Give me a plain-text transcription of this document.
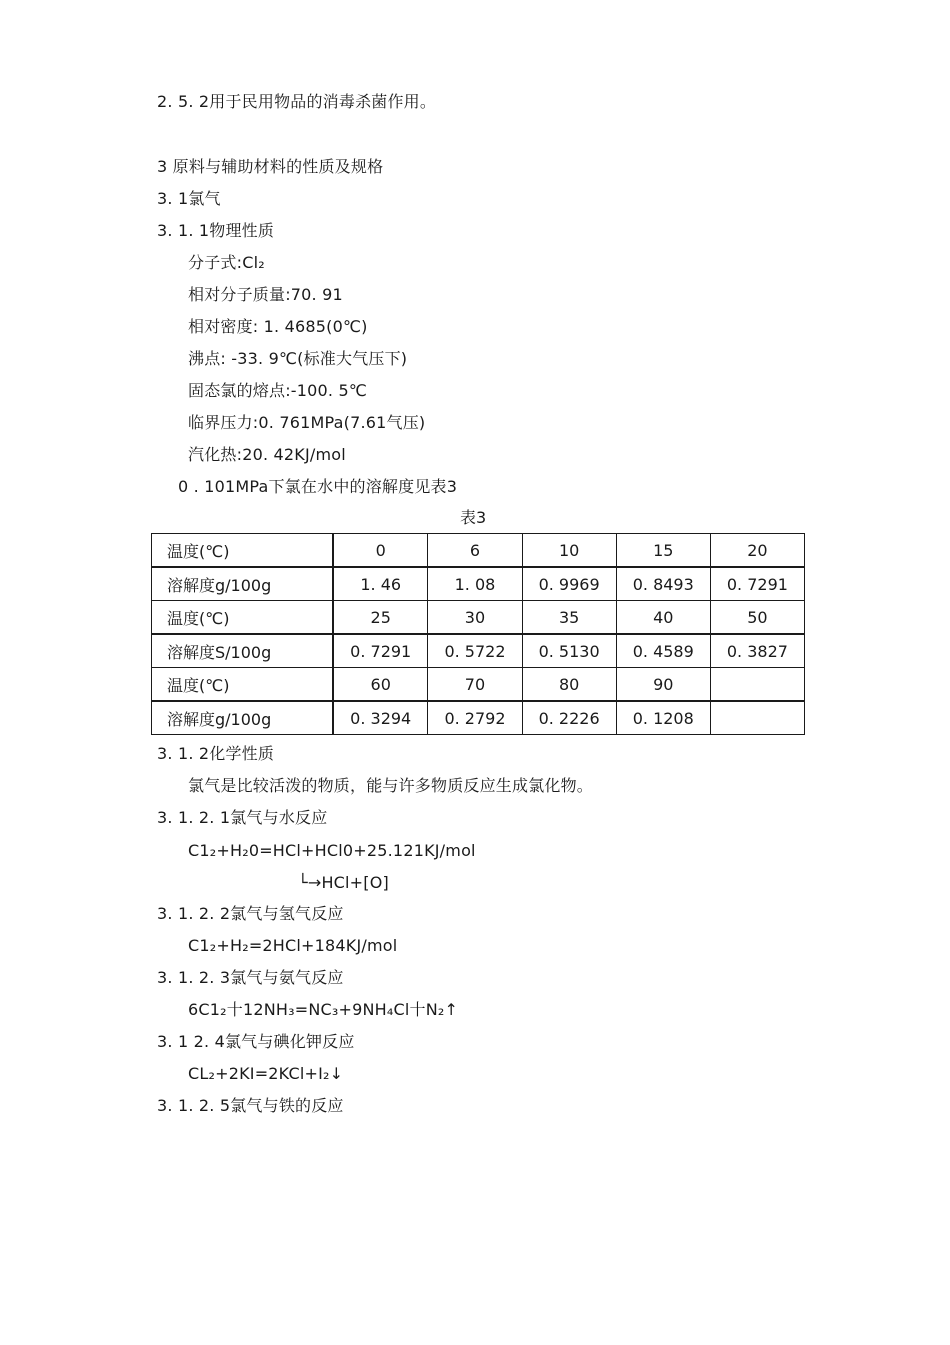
2. 5. 2用于民用物品的消毒杀菌作用。
3 原料与辅助材料的性质及规格
3. 1氯气
3. 1. 1物理性质
分子式:Cl₂
相对分子质量:70. 91
相对密度: 1. 4685(0℃)
沸点: -33. 9℃(标准大气压下)
固态氯的熔点:-100. 5℃
临界压力:0. 761MPa(7.61气压)
汽化热:20. 42KJ/mol
0 . 101MPa下氯在水中的溶解度见表3
表3
温度(℃)	0	6	10	15	20
溶解度g/100g	1. 46	1. 08	0. 9969	0. 8493	0. 7291
温度(℃)	25	30	35	40	50
溶解度S/100g	0. 7291	0. 5722	0. 5130	0. 4589	0. 3827
温度(℃)	60	70	80	90	
溶解度g/100g	0. 3294	0. 2792	0. 2226	0. 1208	
3. 1. 2化学性质
氯气是比较活泼的物质，能与许多物质反应生成氯化物。
3. 1. 2. 1氯气与水反应
C1₂+H₂0=HCl+HCl0+25.121KJ/mol
└→HCl+[O]
3. 1. 2. 2氯气与氢气反应
C1₂+H₂=2HCl+184KJ/mol
3. 1. 2. 3氯气与氨气反应
6C1₂十12NH₃=NC₃+9NH₄Cl十N₂↑
3. 1 2. 4氯气与碘化钾反应
CL₂+2KI=2KCl+I₂↓
3. 1. 2. 5氯气与铁的反应
